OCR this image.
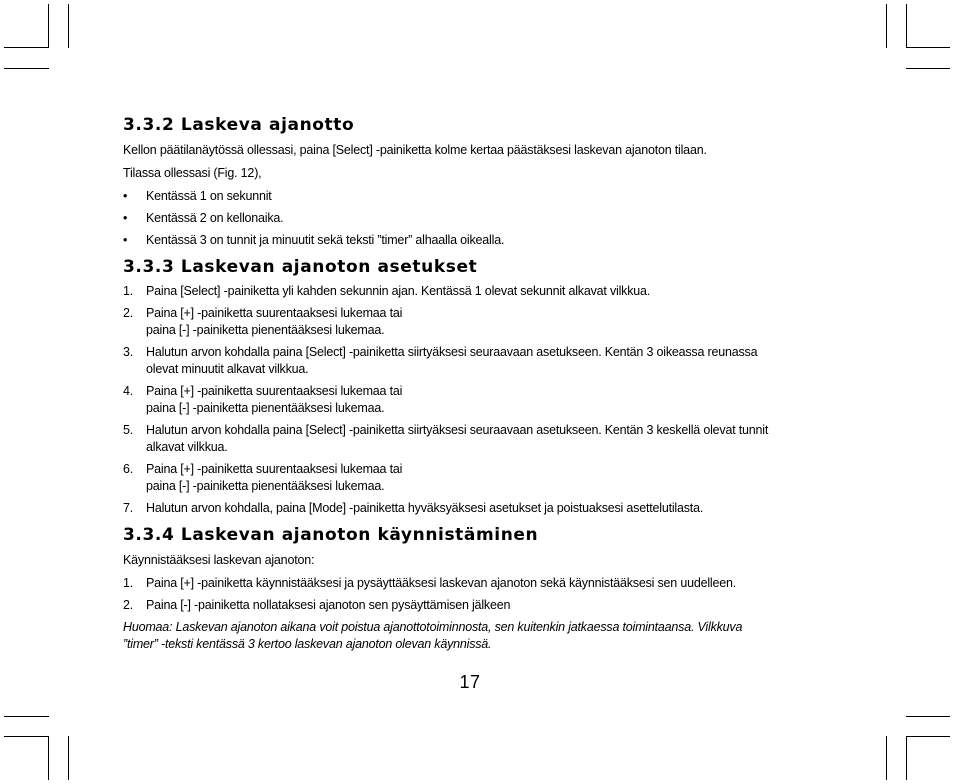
3.3.2 Laskeva ajanotto
Kellon päätilanäytössä ollessasi, paina [Select] -painiketta kolme kertaa päästäksesi laskevan ajanoton tilaan.
Tilassa ollessasi (Fig. 12),
• Kentässä 1 on sekunnit
• Kentässä 2 on kellonaika.
• Kentässä 3 on tunnit ja minuutit sekä teksti ”timer” alhaalla oikealla.
3.3.3 Laskevan ajanoton asetukset
1. Paina [Select] -painiketta yli kahden sekunnin ajan. Kentässä 1 olevat sekunnit alkavat vilkkua.
2. Paina [+] -painiketta suurentaaksesi lukemaa tai
paina [-] -painiketta pienentääksesi lukemaa.
3. Halutun arvon kohdalla paina [Select] -painiketta siirtyäksesi seuraavaan asetukseen. Kentän 3 oikeassa reunassa
olevat minuutit alkavat vilkkua.
4. Paina [+] -painiketta suurentaaksesi lukemaa tai
paina [-] -painiketta pienentääksesi lukemaa.
5. Halutun arvon kohdalla paina [Select] -painiketta siirtyäksesi seuraavaan asetukseen. Kentän 3 keskellä olevat tunnit
alkavat vilkkua.
6. Paina [+] -painiketta suurentaaksesi lukemaa tai
paina [-] -painiketta pienentääksesi lukemaa.
7. Halutun arvon kohdalla, paina [Mode] -painiketta hyväksyäksesi asetukset ja poistuaksesi asettelutilasta.
3.3.4 Laskevan ajanoton käynnistäminen
Käynnistääksesi laskevan ajanoton:
1. Paina [+] -painiketta käynnistääksesi ja pysäyttääksesi laskevan ajanoton sekä käynnistääksesi sen uudelleen.
2. Paina [-] -painiketta nollataksesi ajanoton sen pysäyttämisen jälkeen
Huomaa: Laskevan ajanoton aikana voit poistua ajanottotoiminnosta, sen kuitenkin jatkaessa toimintaansa. Vilkkuva
”timer” -teksti kentässä 3 kertoo laskevan ajanoton olevan käynnissä.
17
